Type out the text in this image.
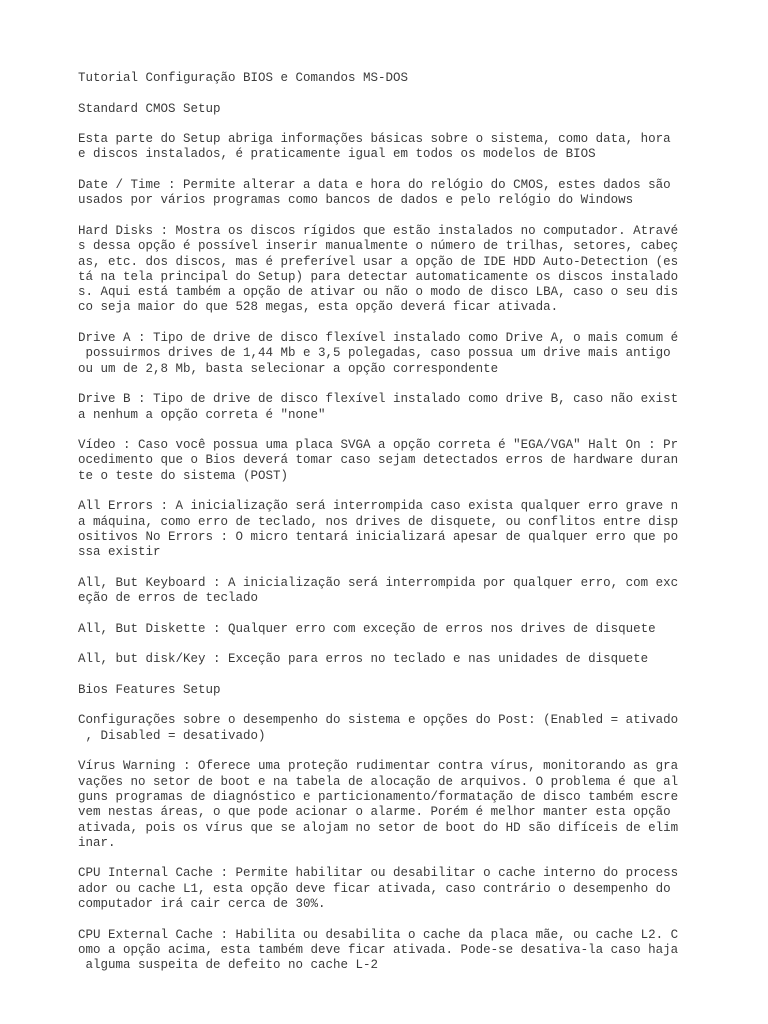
Tutorial Configuração BIOS e Comandos MS-DOS

Standard CMOS Setup

Esta parte do Setup abriga informações básicas sobre o sistema, como data, hora
e discos instalados, é praticamente igual em todos os modelos de BIOS

Date / Time : Permite alterar a data e hora do relógio do CMOS, estes dados são
usados por vários programas como bancos de dados e pelo relógio do Windows

Hard Disks : Mostra os discos rígidos que estão instalados no computador. Atravé
s dessa opção é possível inserir manualmente o número de trilhas, setores, cabeç
as, etc. dos discos, mas é preferível usar a opção de IDE HDD Auto-Detection (es
tá na tela principal do Setup) para detectar automaticamente os discos instalado
s. Aqui está também a opção de ativar ou não o modo de disco LBA, caso o seu dis
co seja maior do que 528 megas, esta opção deverá ficar ativada.

Drive A : Tipo de drive de disco flexível instalado como Drive A, o mais comum é
possuirmos drives de 1,44 Mb e 3,5 polegadas, caso possua um drive mais antigo
ou um de 2,8 Mb, basta selecionar a opção correspondente

Drive B : Tipo de drive de disco flexível instalado como drive B, caso não exist
a nenhum a opção correta é "none"

Vídeo : Caso você possua uma placa SVGA a opção correta é "EGA/VGA" Halt On : Pr
ocedimento que o Bios deverá tomar caso sejam detectados erros de hardware duran
te o teste do sistema (POST)

All Errors : A inicialização será interrompida caso exista qualquer erro grave n
a máquina, como erro de teclado, nos drives de disquete, ou conflitos entre disp
ositivos No Errors : O micro tentará inicializará apesar de qualquer erro que po
ssa existir

All, But Keyboard : A inicialização será interrompida por qualquer erro, com exc
eção de erros de teclado

All, But Diskette : Qualquer erro com exceção de erros nos drives de disquete

All, but disk/Key : Exceção para erros no teclado e nas unidades de disquete

Bios Features Setup

Configurações sobre o desempenho do sistema e opções do Post: (Enabled = ativado
, Disabled = desativado)

Vírus Warning : Oferece uma proteção rudimentar contra vírus, monitorando as gra
vações no setor de boot e na tabela de alocação de arquivos. O problema é que al
guns programas de diagnóstico e particionamento/formatação de disco também escre
vem nestas áreas, o que pode acionar o alarme. Porém é melhor manter esta opção
ativada, pois os vírus que se alojam no setor de boot do HD são difíceis de elim
inar.

CPU Internal Cache : Permite habilitar ou desabilitar o cache interno do process
ador ou cache L1, esta opção deve ficar ativada, caso contrário o desempenho do
computador irá cair cerca de 30%.

CPU External Cache : Habilita ou desabilita o cache da placa mãe, ou cache L2. C
omo a opção acima, esta também deve ficar ativada. Pode-se desativa-la caso haja
alguma suspeita de defeito no cache L-2
